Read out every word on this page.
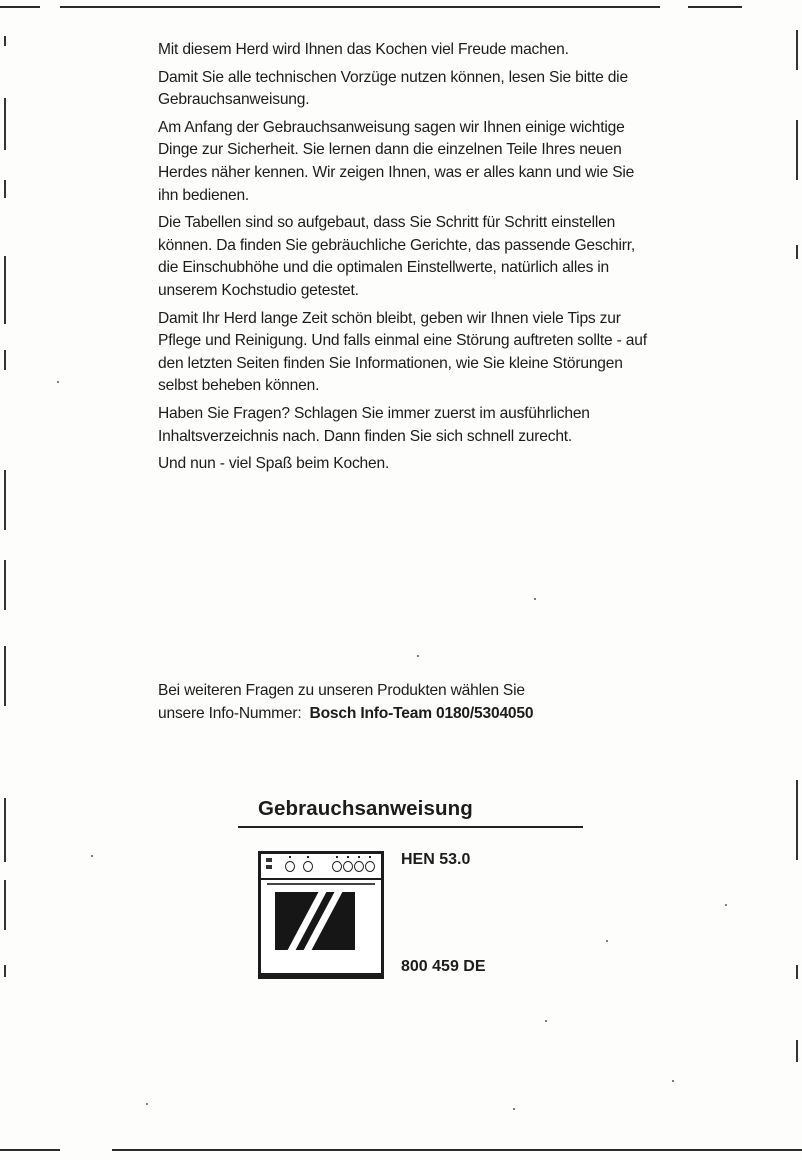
Mit diesem Herd wird Ihnen das Kochen viel Freude machen.

Damit Sie alle technischen Vorzüge nutzen können, lesen Sie bitte die Gebrauchsanweisung.

Am Anfang der Gebrauchsanweisung sagen wir Ihnen einige wichtige Dinge zur Sicherheit. Sie lernen dann die einzelnen Teile Ihres neuen Herdes näher kennen. Wir zeigen Ihnen, was er alles kann und wie Sie ihn bedienen.

Die Tabellen sind so aufgebaut, dass Sie Schritt für Schritt einstellen können. Da finden Sie gebräuchliche Gerichte, das passende Geschirr, die Einschubhöhe und die optimalen Einstellwerte, natürlich alles in unserem Kochstudio getestet.

Damit Ihr Herd lange Zeit schön bleibt, geben wir Ihnen viele Tips zur Pflege und Reinigung. Und falls einmal eine Störung auftreten sollte - auf den letzten Seiten finden Sie Informationen, wie Sie kleine Störungen selbst beheben können.

Haben Sie Fragen? Schlagen Sie immer zuerst im ausführlichen Inhaltsverzeichnis nach. Dann finden Sie sich schnell zurecht.

Und nun - viel Spaß beim Kochen.

Bei weiteren Fragen zu unseren Produkten wählen Sie

unsere Info-Nummer: Bosch Info-Team 0180/5304050

Gebrauchsanweisung
HEN 53.0
800 459 DE
